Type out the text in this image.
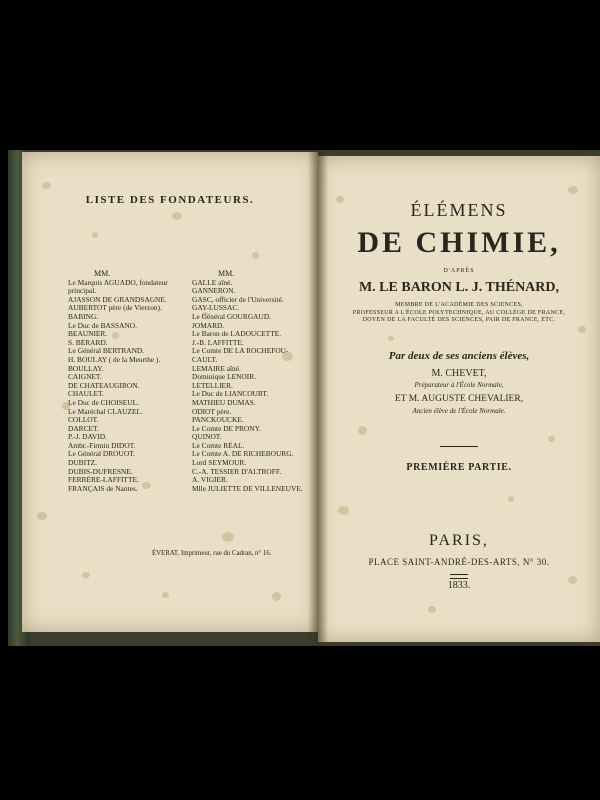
LISTE DES FONDATEURS.
MM.
Le Marquis AGUADO, fondateur
principal.
AJASSON DE GRANDSAGNE.
AUBERTOT père (de Vierzon).
BABING.
Le Duc de BASSANO.
BEAUNIER.
S. BÉRARD.
Le Général BERTRAND.
H. BOULAY ( de la Meurthe ).
BOULLAY.
CAIGNET.
DE CHATEAUGIRON.
CHAULET.
Le Duc de CHOISEUL.
Le Maréchal CLAUZEL.
COLLOT.
DARCET.
P.-J. DAVID.
Ambr.-Firmin DIDOT.
Le Général DROUOT.
DUBITZ.
DUBIS-DUFRESNE.
FERRÈRE-LAFFITTE.
FRANÇAIS de Nantes.
MM.
GALLE aîné.
GANNERON.
GASC, officier de l'Université.
GAY-LUSSAC.
Le Général GOURGAUD.
JOMARD.
Le Baron de LADOUCETTE.
J.-B. LAFFITTE.
Le Comte DE LA ROCHEFOU-
CAULT.
LEMAIRE aîné.
Dominique LENOIR.
LETELLIER.
Le Duc de LIANCOURT.
MATHIEU DUMAS.
ODIOT père.
PANCKOUCKE.
Le Comte DE PRONY.
QUINOT.
Le Comte RÉAL.
Le Comte A. DE RICHEBOURG.
Lord SEYMOUR.
C.-A. TESSIER D'ALTROFF.
A. VIGIER.
Mlle JULIETTE DE VILLENEUVE.
ÉVERAT, Imprimeur, rue du Cadran, n° 16.
ÉLÉMENS
DE CHIMIE,
D'APRÈS
M. LE BARON L. J. THÉNARD,
MEMBRE DE L'ACADÉMIE DES SCIENCES,
PROFESSEUR A L'ÉCOLE POLYTECHNIQUE, AU COLLÉGE DE FRANCE,
DOYEN DE LA FACULTÉ DES SCIENCES, PAIR DE FRANCE, ETC.
Par deux de ses anciens élèves,
M. CHEVET,
Préparateur à l'École Normale,
ET M. AUGUSTE CHEVALIER,
Ancien élève de l'École Normale.
PREMIÈRE PARTIE.
PARIS,
PLACE SAINT-ANDRÉ-DES-ARTS, N° 30.
1833.
